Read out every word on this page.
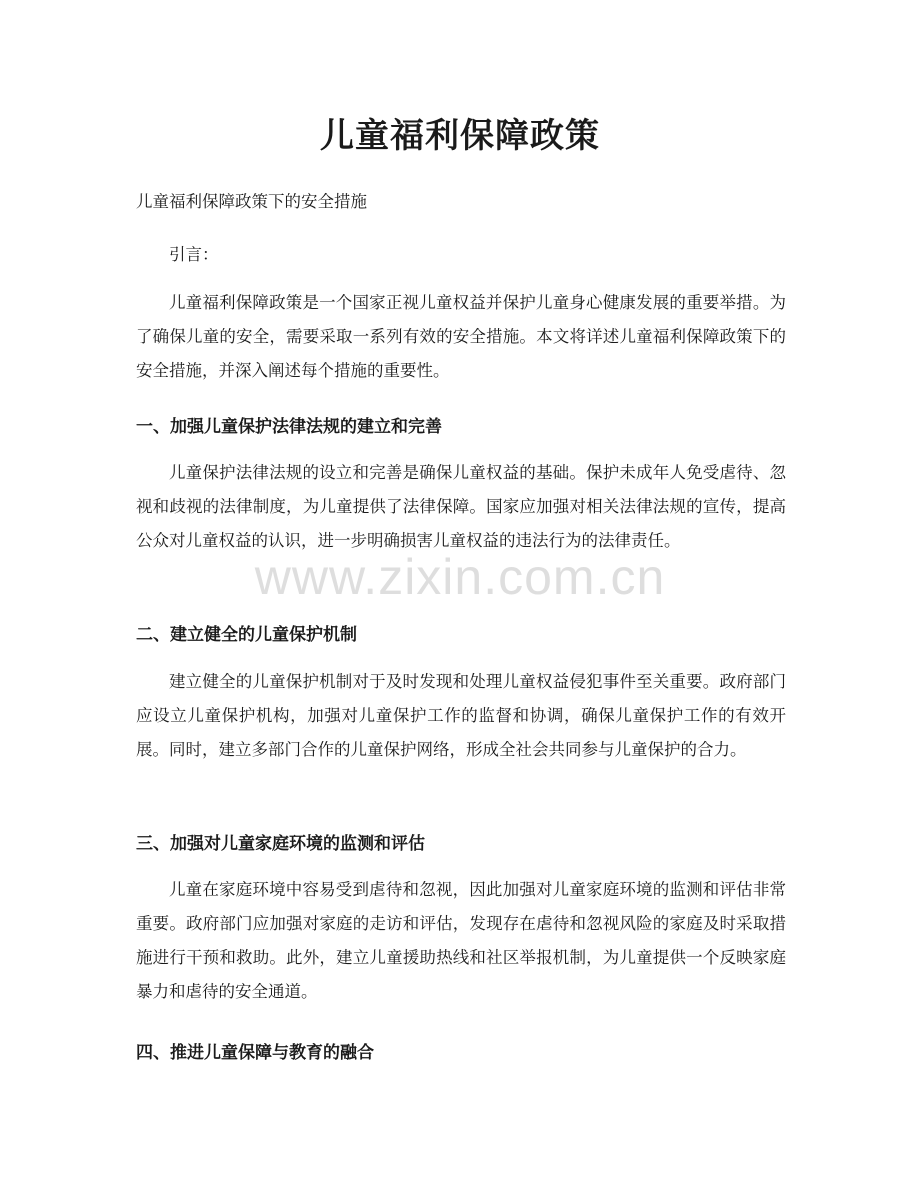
儿童福利保障政策

儿童福利保障政策下的安全措施

引言：

儿童福利保障政策是一个国家正视儿童权益并保护儿童身心健康发展的重要举措。为了确保儿童的安全，需要采取一系列有效的安全措施。本文将详述儿童福利保障政策下的安全措施，并深入阐述每个措施的重要性。

一、加强儿童保护法律法规的建立和完善

儿童保护法律法规的设立和完善是确保儿童权益的基础。保护未成年人免受虐待、忽视和歧视的法律制度，为儿童提供了法律保障。国家应加强对相关法律法规的宣传，提高公众对儿童权益的认识，进一步明确损害儿童权益的违法行为的法律责任。

二、建立健全的儿童保护机制

建立健全的儿童保护机制对于及时发现和处理儿童权益侵犯事件至关重要。政府部门应设立儿童保护机构，加强对儿童保护工作的监督和协调，确保儿童保护工作的有效开展。同时，建立多部门合作的儿童保护网络，形成全社会共同参与儿童保护的合力。

三、加强对儿童家庭环境的监测和评估

儿童在家庭环境中容易受到虐待和忽视，因此加强对儿童家庭环境的监测和评估非常重要。政府部门应加强对家庭的走访和评估，发现存在虐待和忽视风险的家庭及时采取措施进行干预和救助。此外，建立儿童援助热线和社区举报机制，为儿童提供一个反映家庭暴力和虐待的安全通道。

四、推进儿童保障与教育的融合

www.zixin.com.cn
